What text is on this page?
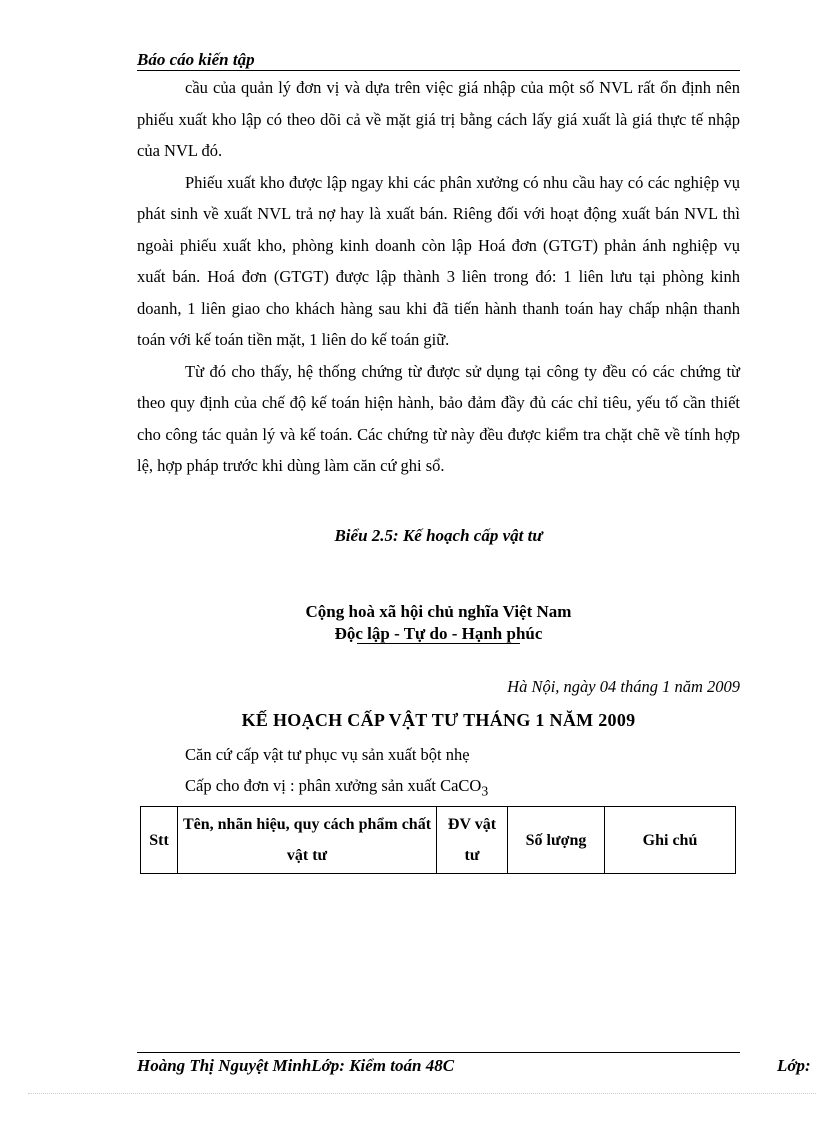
Báo cáo kiến tập

cầu của quản lý đơn vị và dựa trên việc giá nhập của một số NVL rất ổn định nên phiếu xuất kho lập có theo dõi cả về mặt giá trị bằng cách lấy giá xuất là giá thực tế nhập của NVL đó.

Phiếu xuất kho được lập ngay khi các phân xưởng có nhu cầu hay có các nghiệp vụ phát sinh về xuất NVL trả nợ hay là xuất bán. Riêng đối với hoạt động xuất bán NVL thì ngoài phiếu xuất kho, phòng kinh doanh còn lập Hoá đơn (GTGT) phản ánh nghiệp vụ xuất bán. Hoá đơn (GTGT) được lập thành 3 liên trong đó: 1 liên lưu tại phòng kinh doanh, 1 liên giao cho khách hàng sau khi đã tiến hành thanh toán hay chấp nhận thanh toán với kế toán tiền mặt, 1 liên do kế toán giữ.

Từ đó cho thấy, hệ thống chứng từ được sử dụng tại công ty đều có các chứng từ theo quy định của chế độ kế toán hiện hành, bảo đảm đầy đủ các chỉ tiêu, yếu tố cần thiết cho công tác quản lý và kế toán. Các chứng từ này đều được kiểm tra chặt chẽ về tính hợp lệ, hợp pháp trước khi dùng làm căn cứ ghi sổ.

Biểu 2.5: Kế hoạch cấp vật tư
Cộng hoà xã hội chủ nghĩa Việt Nam
Độc lập - Tự do - Hạnh phúc
Hà Nội, ngày 04 tháng 1 năm 2009
KẾ HOẠCH CẤP VẬT TƯ THÁNG 1 NĂM 2009
Căn cứ cấp vật tư phục vụ sản xuất bột nhẹ
Cấp cho đơn vị : phân xưởng sản xuất CaCO$_3$
Stt	Tên, nhãn hiệu, quy cách phẩm chất vật tư	ĐV vật tư	Số lượng	Ghi chú
Hoàng Thị Nguyệt MinhLớp: Kiểm toán 48C	Lớp:
